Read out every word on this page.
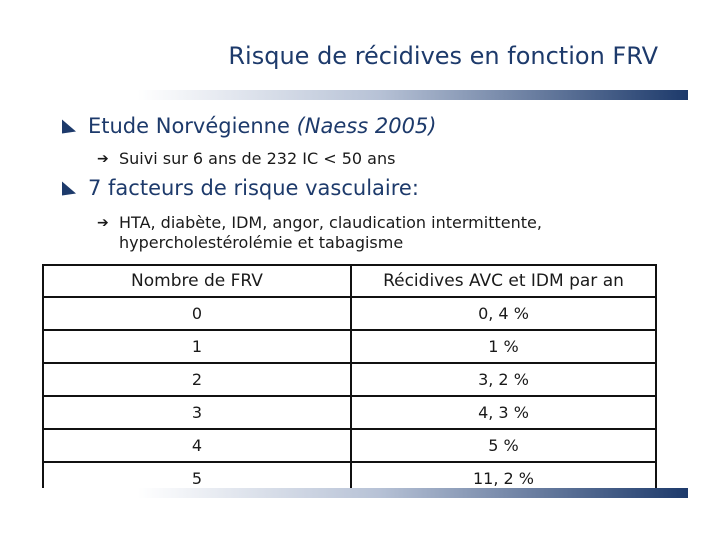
Risque de récidives en fonction FRV
Etude Norvégienne (Naess 2005)
➔ Suivi sur 6 ans de 232 IC < 50 ans
7 facteurs de risque vasculaire:
➔ HTA, diabète, IDM, angor, claudication intermittente,
hypercholestérolémie et tabagisme
Nombre de FRV	Récidives AVC et IDM par an
0	0, 4 %
1	1 %
2	3, 2 %
3	4, 3 %
4	5 %
5	11, 2 %
